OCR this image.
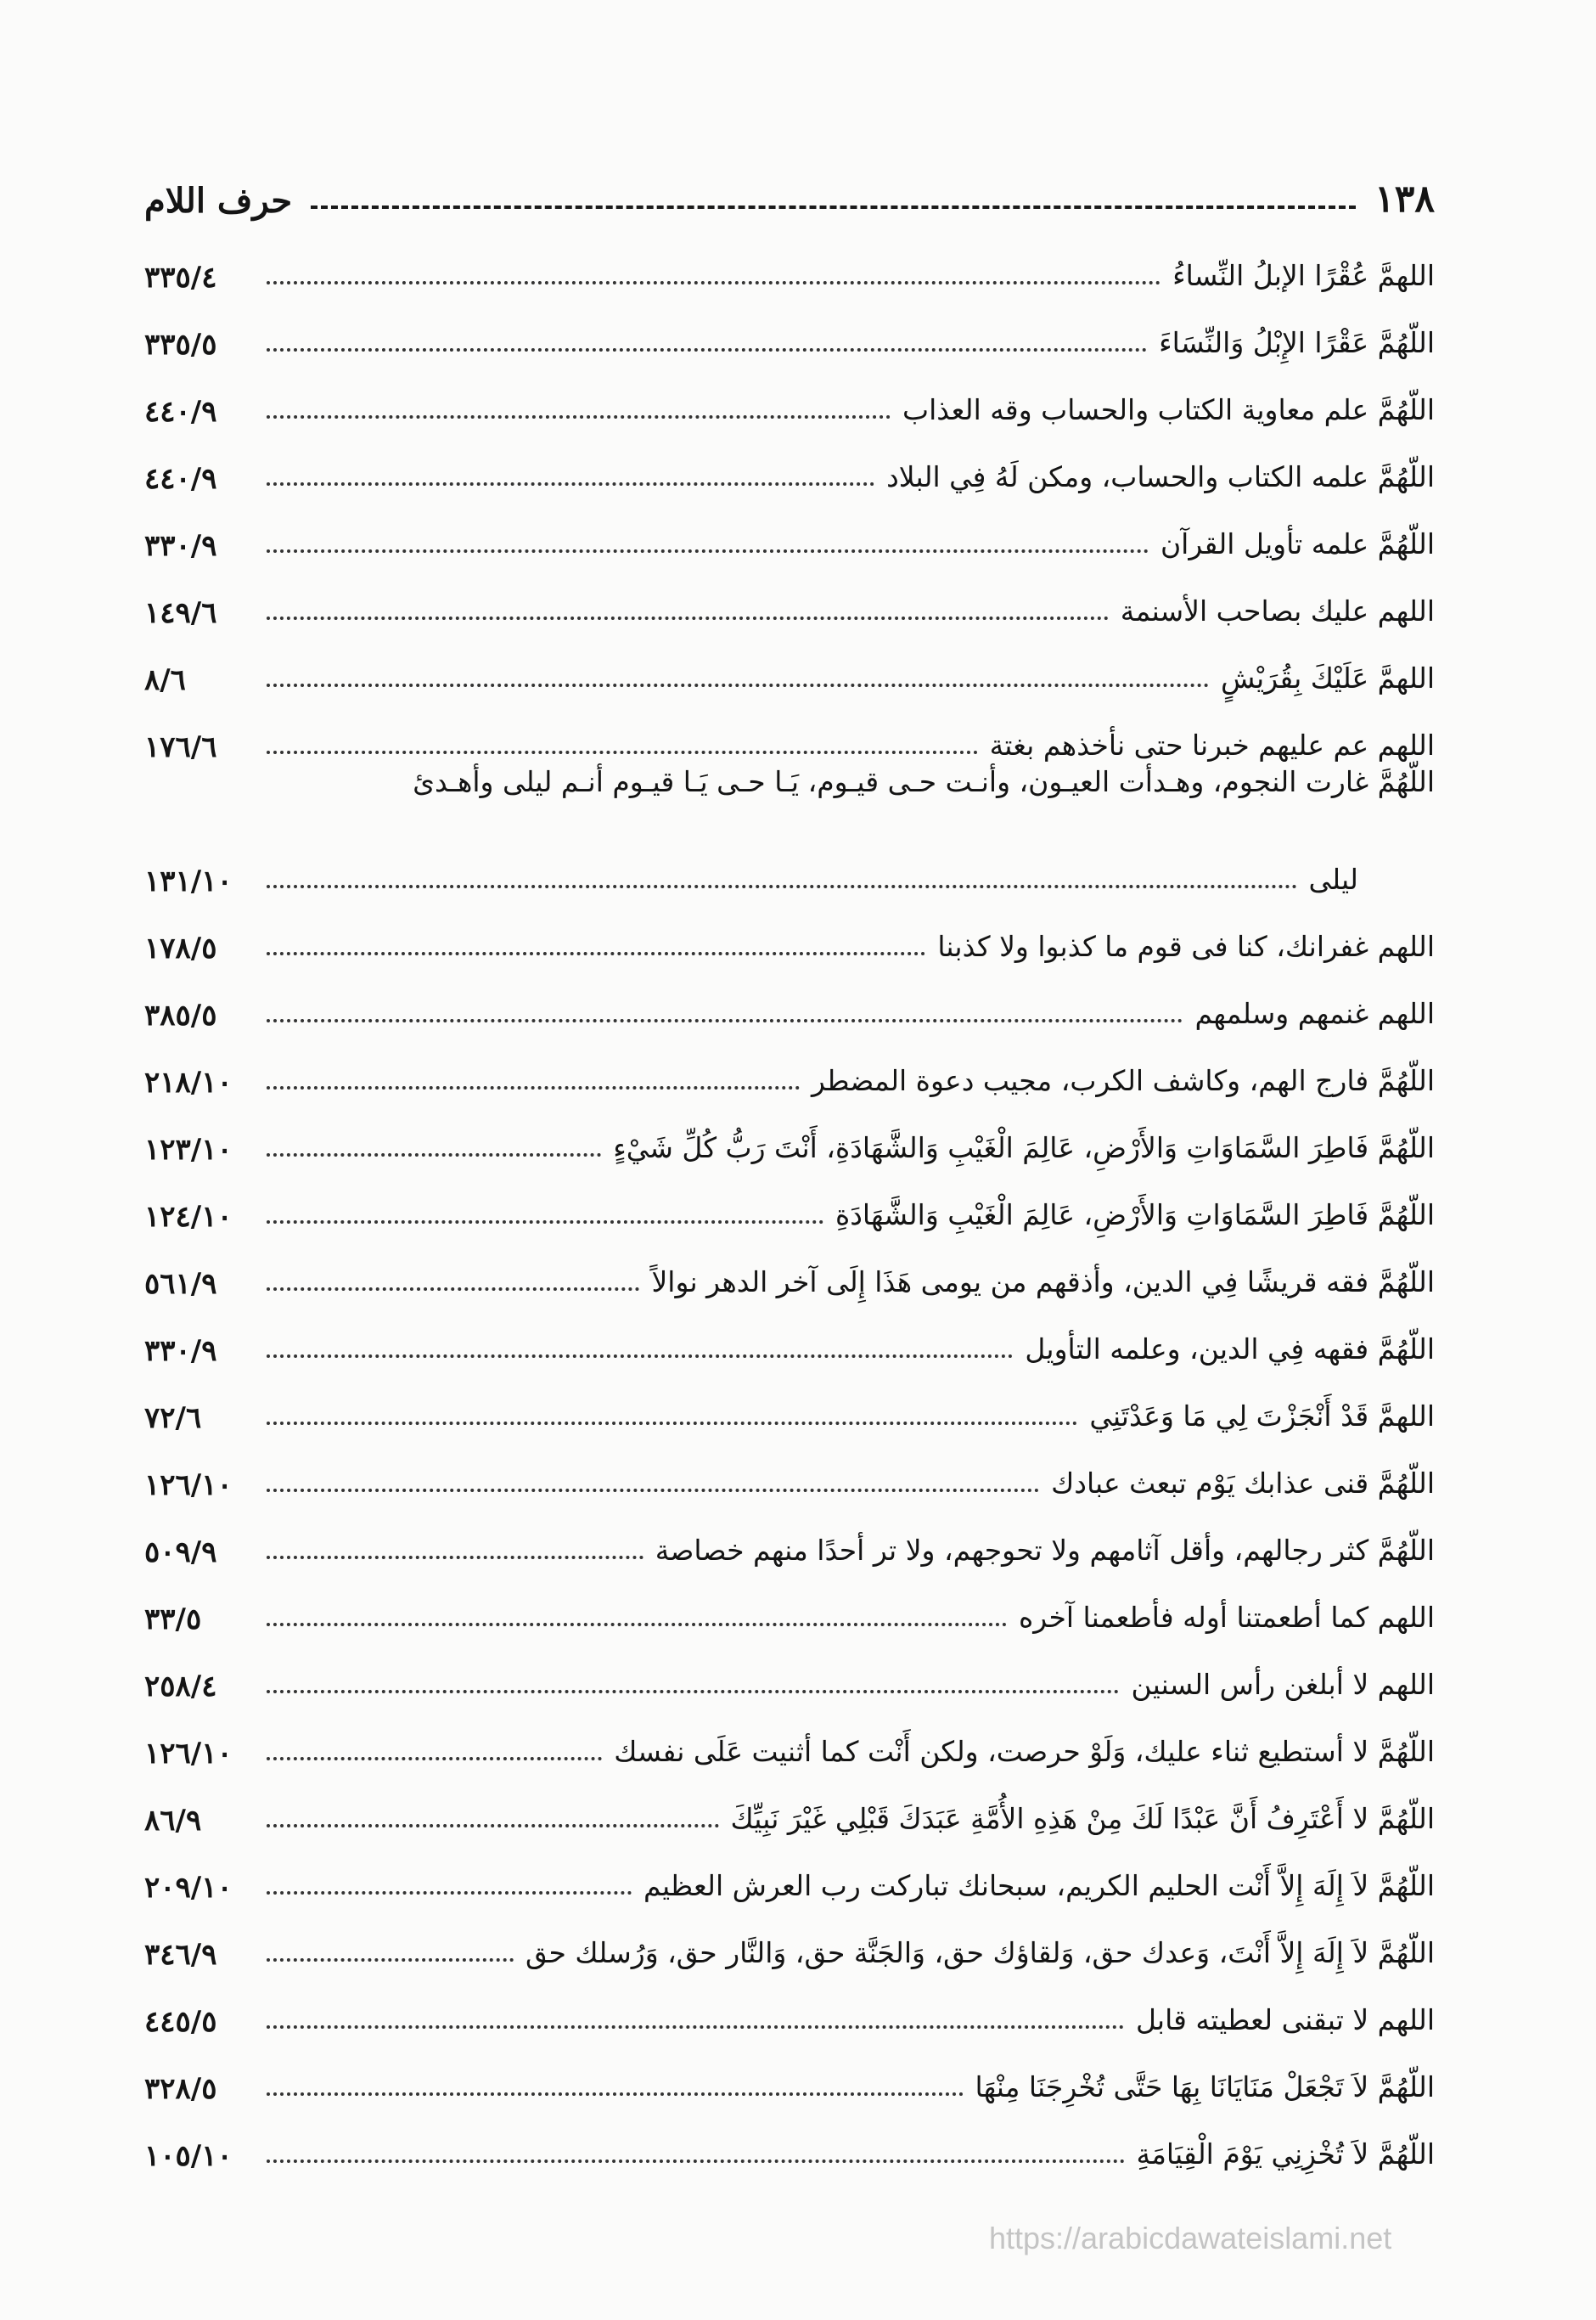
١٣٨
حرف اللام
اللهمَّ عُقْرًا الإبلُ النِّساءُ
٣٣٥/٤
اللّهُمَّ عَقْرًا الإِبْلُ وَالنِّسَاءَ
٣٣٥/٥
اللّهُمَّ علم معاوية الكتاب والحساب وقه العذاب
٤٤٠/٩
اللّهُمَّ علمه الكتاب والحساب، ومكن لَهُ فِي البلاد
٤٤٠/٩
اللّهُمَّ علمه تأويل القرآن
٣٣٠/٩
اللهم عليك بصاحب الأسنمة
١٤٩/٦
اللهمَّ عَلَيْكَ بِقُرَيْشٍ
٨/٦
اللهم عم عليهم خبرنا حتى نأخذهم بغتة
١٧٦/٦
اللّهُمَّ غارت النجوم، وهـدأت العيـون، وأنـت حـى قيـوم، يَـا حـى يَـا قيـوم أنـم ليلى وأهـدئ
ليلى
١٣١/١٠
اللهم غفرانك، كنا فى قوم ما كذبوا ولا كذبنا
١٧٨/٥
اللهم غنمهم وسلمهم
٣٨٥/٥
اللّهُمَّ فارج الهم، وكاشف الكرب، مجيب دعوة المضطر
٢١٨/١٠
اللّهُمَّ فَاطِرَ السَّمَاوَاتِ وَالأَرْضِ، عَالِمَ الْغَيْبِ وَالشَّهَادَةِ، أَنْتَ رَبُّ كُلِّ شَيْءٍ
١٢٣/١٠
اللّهُمَّ فَاطِرَ السَّمَاوَاتِ وَالأَرْضِ، عَالِمَ الْغَيْبِ وَالشَّهَادَةِ
١٢٤/١٠
اللّهُمَّ فقه قريشًا فِي الدين، وأذقهم من يومى هَذَا إِلَى آخر الدهر نوالاً
٥٦١/٩
اللّهُمَّ فقهه فِي الدين، وعلمه التأويل
٣٣٠/٩
اللهمَّ قَدْ أَنْجَزْتَ لِي مَا وَعَدْتَنِي
٧٢/٦
اللّهُمَّ قنى عذابك يَوْم تبعث عبادك
١٢٦/١٠
اللّهُمَّ كثر رجالهم، وأقل آثامهم ولا تحوجهم، ولا تر أحدًا منهم خصاصة
٥٠٩/٩
اللهم كما أطعمتنا أوله فأطعمنا آخره
٣٣/٥
اللهم لا أبلغن رأس السنين
٢٥٨/٤
اللّهُمَّ لا أستطيع ثناء عليك، وَلَوْ حرصت، ولكن أَنْت كما أثنيت عَلَى نفسك
١٢٦/١٠
اللّهُمَّ لا أَعْتَرِفُ أَنَّ عَبْدًا لَكَ مِنْ هَذِهِ الأُمَّةِ عَبَدَكَ قَبْلِي غَيْرَ نَبِيِّكَ
٨٦/٩
اللّهُمَّ لاَ إِلَهَ إِلاَّ أَنْت الحليم الكريم، سبحانك تباركت رب العرش العظيم
٢٠٩/١٠
اللّهُمَّ لاَ إِلَهَ إِلاَّ أَنْتَ، وَعدك حق، وَلقاؤك حق، وَالجَنَّة حق، وَالنَّار حق، وَرُسلك حق
٣٤٦/٩
اللهم لا تبقنى لعطيته قابل
٤٤٥/٥
اللّهُمَّ لاَ تَجْعَلْ مَنَايَانَا بِهَا حَتَّى تُخْرِجَنَا مِنْهَا
٣٢٨/٥
اللّهُمَّ لاَ تُخْزِنِي يَوْمَ الْقِيَامَةِ
١٠٥/١٠
https://arabicdawateislami.net
